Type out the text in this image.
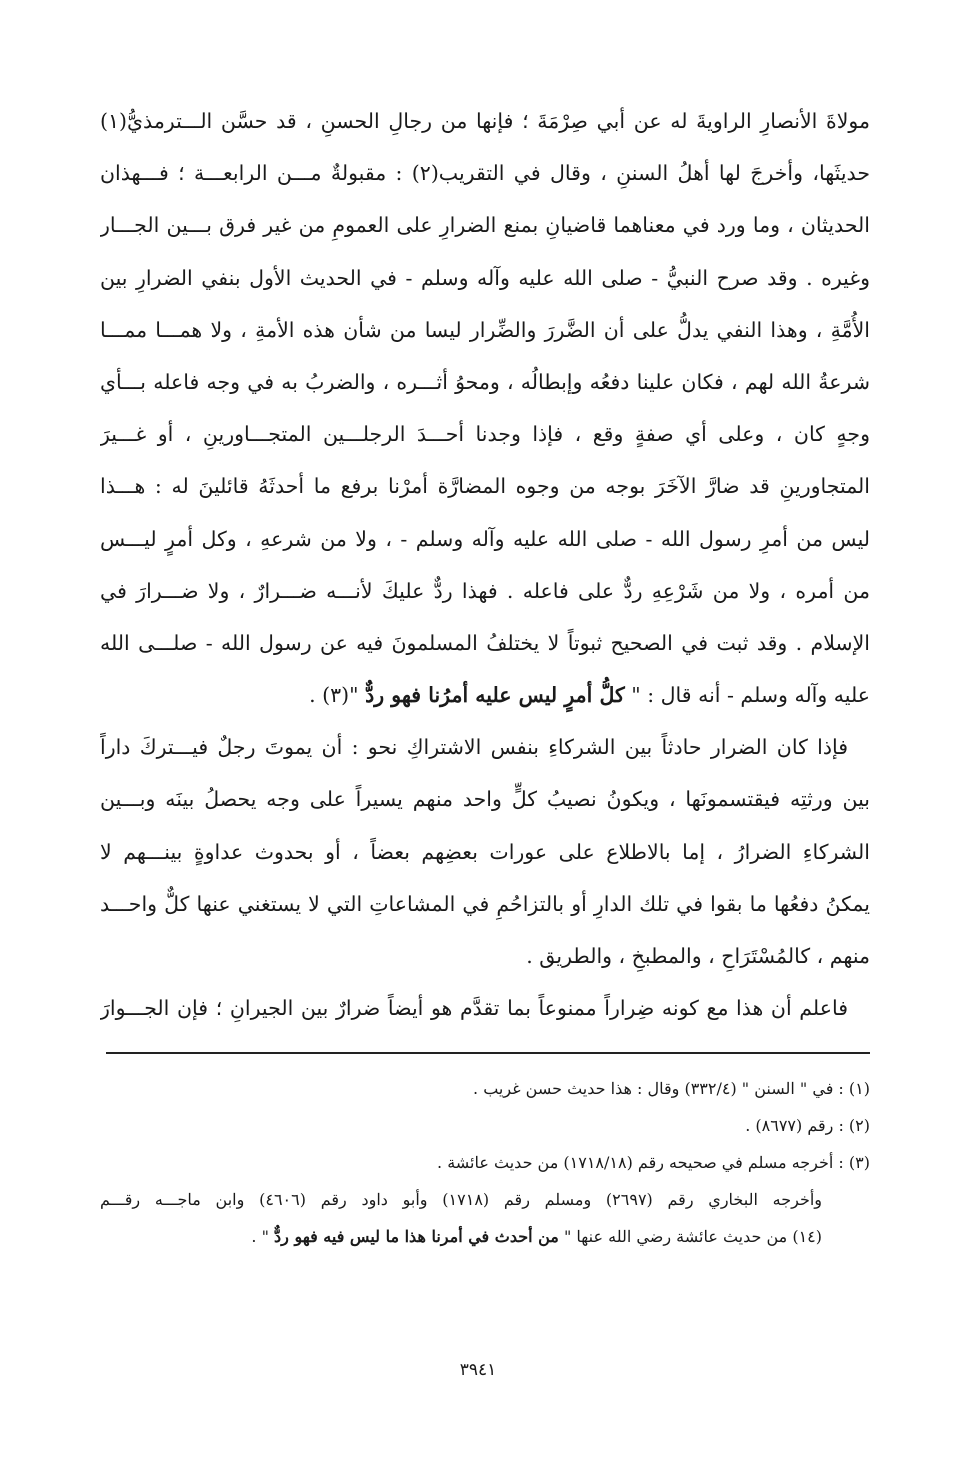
مولاةَ الأنصارِ الراويةَ له عن أبي صِرْمَةَ ؛ فإنها من رجالِ الحسنِ ، قد حسَّن الـــترمذيُّ(١)
حديثَها، وأخرجَ لها أهلُ السننِ ، وقال في التقريب(٢) : مقبولةٌ مـــن الرابعـــة ؛ فـــهذان
الحديثان ، وما ورد في معناهما قاضيانِ بمنع الضرارِ على العمومِ من غير فرق بـــين الجـــار
وغيره . وقد صرح النبيُّ - صلى الله عليه وآله وسلم - في الحديث الأول بنفي الضرارِ بين
الأُمَّةِ ، وهذا النفي يدلُّ على أن الضَّررَ والضِّرار ليسا من شأن هذه الأمةِ ، ولا همـــا ممـــا
شرعةُ الله لهم ، فكان علينا دفعُه وإبطالُه ، ومحوُ أثـــره ، والضربُ به في وجه فاعله بـــأي
وجهٍ كان ، وعلى أي صفةٍ وقع ، فإذا وجدنا أحـــدَ الرجلـــين المتجـــاورينِ ، أو غـــيرَ
المتجاورينِ قد ضارَّ الآخَرَ بوجه من وجوه المضارَّة أمرْنا برفع ما أحدثَهُ قائلينَ له : هـــذا
ليس من أمرِ رسول الله - صلى الله عليه وآله وسلم - ، ولا من شرعهِ ، وكل أمرٍ ليـــس
من أمره ، ولا من شَرْعِهِ ردٌّ على فاعله . فهذا ردٌّ عليكَ لأنـــه ضـــرارٌ ، ولا ضـــرارَ في
الإسلام . وقد ثبت في الصحيح ثبوتاً لا يختلفُ المسلمونَ فيه عن رسول الله - صلـــى الله
عليه وآله وسلم - أنه قال : " كلُّ أمرٍ ليس عليه أمرُنا فهو ردٌّ "(٣) .
فإذا كان الضرار حادثاً بين الشركاءِ بنفس الاشتراكِ نحو : أن يموتَ رجلٌ فيـــتركَ داراً
بين ورثتِه فيقتسمونَها ، ويكونُ نصيبُ كلٍّ واحد منهم يسيراً على وجه يحصلُ بينَه وبـــين
الشركاءِ الضرارُ ، إما بالاطلاع على عورات بعضِهم بعضاً ، أو بحدوث عداوةٍ بينـــهم لا
يمكنُ دفعُها ما بقوا في تلك الدارِ أو بالتزاحُمِ في المشاعاتِ التي لا يستغني عنها كلٌّ واحـــد
منهم ، كالمُسْتَرَاحِ ، والمطبخِ ، والطريق .
فاعلم أن هذا مع كونه ضِراراً ممنوعاً بما تقدَّم هو أيضاً ضرارٌ بين الجيرانِ ؛ فإن الجـــوارَ
(١) : في " السنن " (٣٣٢/٤) وقال : هذا حديث حسن غريب .
(٢) : رقم (٨٦٧٧) .
(٣) : أخرجه مسلم في صحيحه رقم (١٧١٨/١٨) من حديث عائشة .
وأخرجه البخاري رقم (٢٦٩٧) ومسلم رقم (١٧١٨) وأبو داود رقم (٤٦٠٦) وابن ماجـــه رقـــم
(١٤) من حديث عائشة رضي الله عنها " من أحدث في أمرنا هذا ما ليس فيه فهو ردٌّ " .
٣٩٤١
